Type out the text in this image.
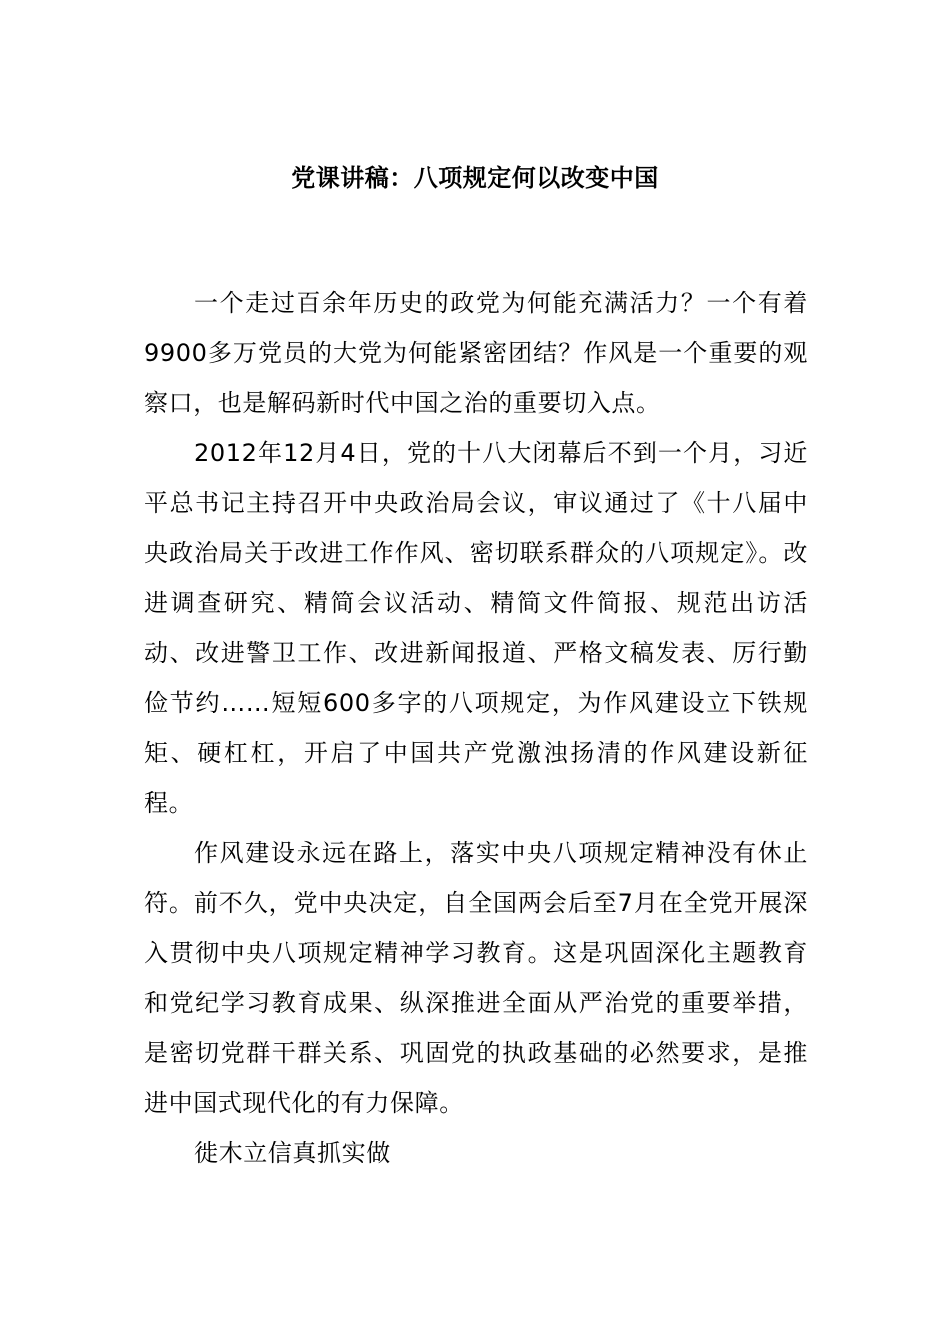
党课讲稿：八项规定何以改变中国

一个走过百余年历史的政党为何能充满活力？一个有着9900多万党员的大党为何能紧密团结？作风是一个重要的观察口，也是解码新时代中国之治的重要切入点。

2012年12月4日，党的十八大闭幕后不到一个月，习近平总书记主持召开中央政治局会议，审议通过了《十八届中央政治局关于改进工作作风、密切联系群众的八项规定》。改进调查研究、精简会议活动、精简文件简报、规范出访活动、改进警卫工作、改进新闻报道、严格文稿发表、厉行勤俭节约……短短600多字的八项规定，为作风建设立下铁规矩、硬杠杠，开启了中国共产党激浊扬清的作风建设新征程。

作风建设永远在路上，落实中央八项规定精神没有休止符。前不久，党中央决定，自全国两会后至7月在全党开展深入贯彻中央八项规定精神学习教育。这是巩固深化主题教育和党纪学习教育成果、纵深推进全面从严治党的重要举措，是密切党群干群关系、巩固党的执政基础的必然要求，是推进中国式现代化的有力保障。

徙木立信真抓实做
